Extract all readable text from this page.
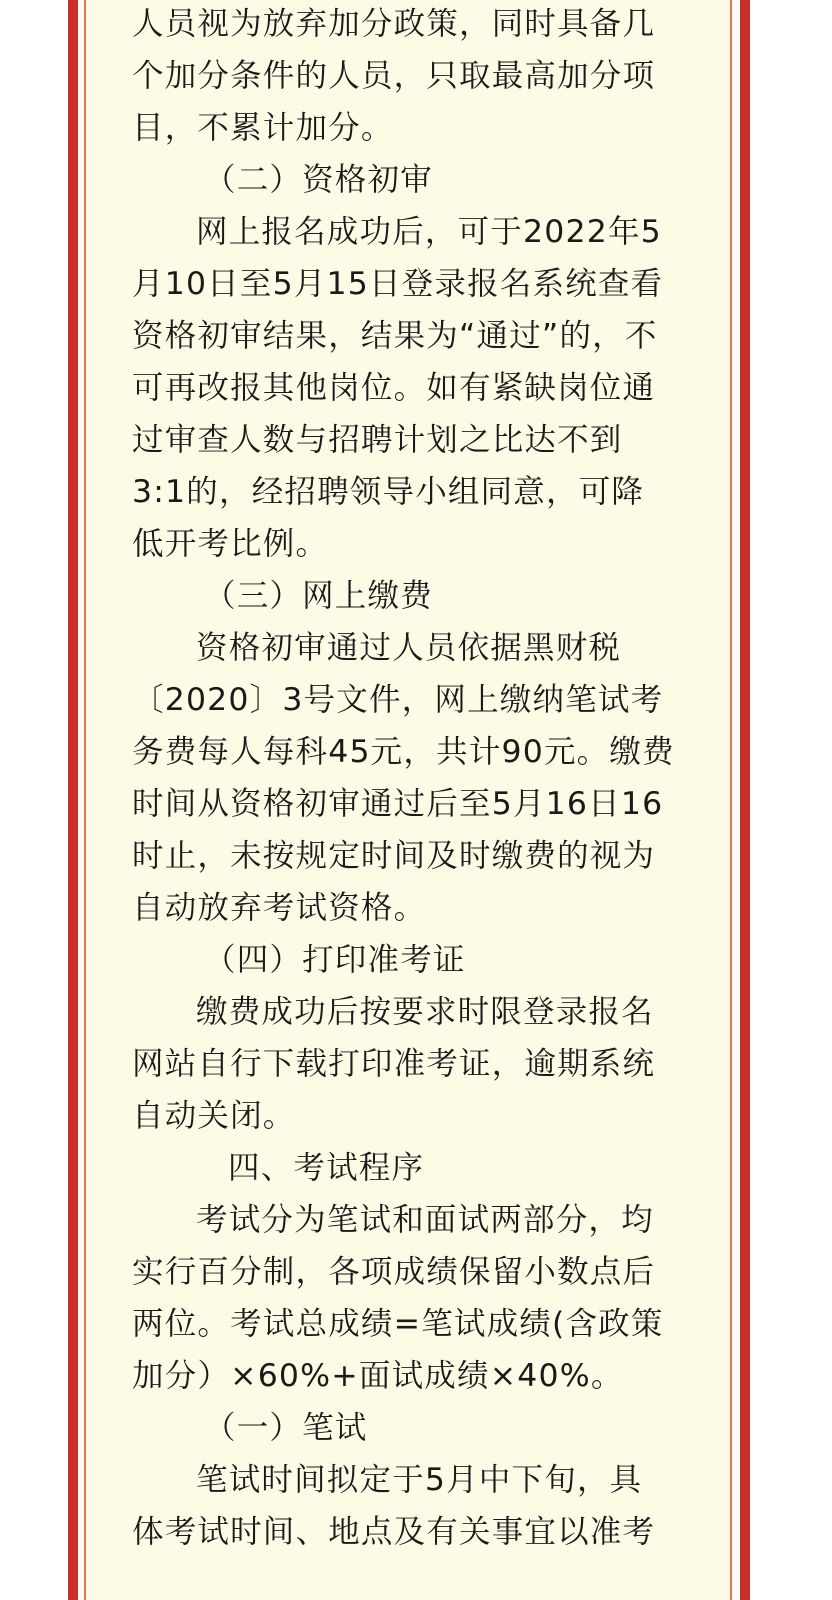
人员视为放弃加分政策，同时具备几
个加分条件的人员，只取最高加分项
目，不累计加分。
（二）资格初审
网上报名成功后，可于2022年5
月10日至5月15日登录报名系统查看
资格初审结果，结果为“通过”的，不
可再改报其他岗位。如有紧缺岗位通
过审查人数与招聘计划之比达不到
3:1的，经招聘领导小组同意，可降
低开考比例。
（三）网上缴费
资格初审通过人员依据黑财税
〔2020〕3号文件，网上缴纳笔试考
务费每人每科45元，共计90元。缴费
时间从资格初审通过后至5月16日16
时止，未按规定时间及时缴费的视为
自动放弃考试资格。
（四）打印准考证
缴费成功后按要求时限登录报名
网站自行下载打印准考证，逾期系统
自动关闭。
四、考试程序
考试分为笔试和面试两部分，均
实行百分制，各项成绩保留小数点后
两位。考试总成绩=笔试成绩(含政策
加分）×60%+面试成绩×40%。
（一）笔试
笔试时间拟定于5月中下旬，具
体考试时间、地点及有关事宜以准考
